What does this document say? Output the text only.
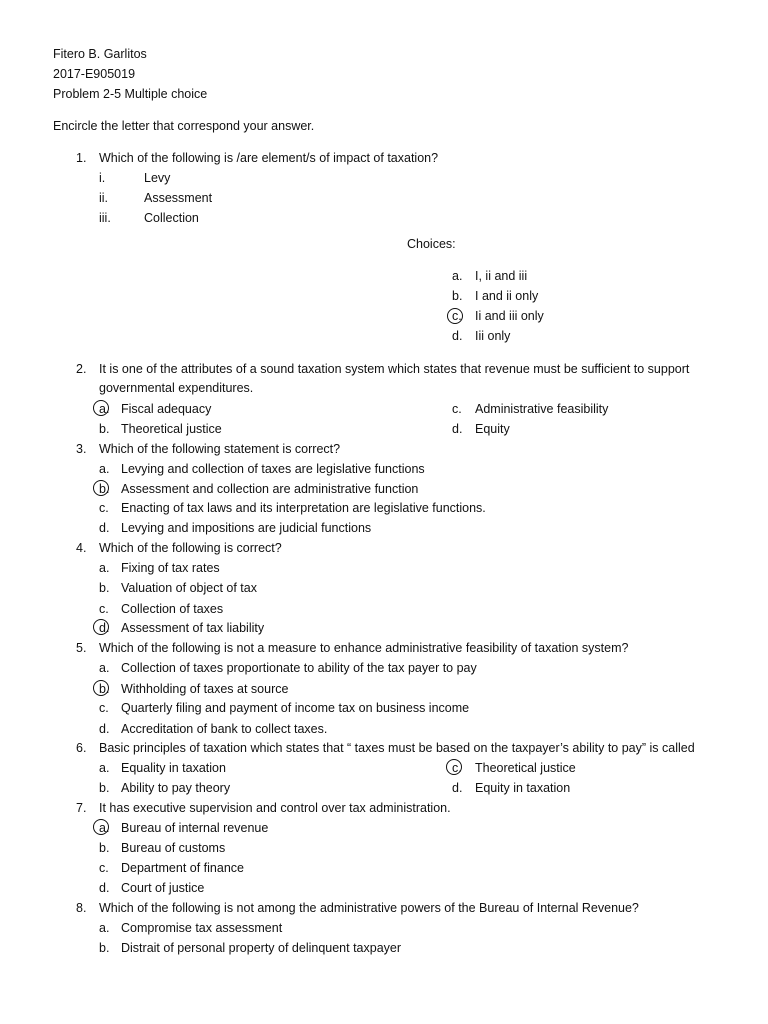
Fitero B. Garlitos
2017-E905019
Problem 2-5 Multiple choice
Encircle the letter that correspond your answer.
1. Which of the following is /are element/s of impact of taxation?
i.	Levy
ii.	Assessment
iii.	Collection
Choices:
a. I, ii and iii
b. I and ii only
c. Ii and iii only
d. Iii only
2. It is one of the attributes of a sound taxation system which states that revenue must be sufficient to support
governmental expenditures.
a. Fiscal adequacy	c. Administrative feasibility
b. Theoretical justice	d. Equity
3. Which of the following statement is correct?
a. Levying and collection of taxes are legislative functions
b. Assessment and collection are administrative function
c. Enacting of tax laws and its interpretation are legislative functions.
d. Levying and impositions are judicial functions
4. Which of the following is correct?
a. Fixing of tax rates
b. Valuation of object of tax
c. Collection of taxes
d. Assessment of tax liability
5. Which of the following is not a measure to enhance administrative feasibility of taxation system?
a. Collection of taxes proportionate to ability of the tax payer to pay
b. Withholding of taxes at source
c. Quarterly filing and payment of income tax on business income
d. Accreditation of bank to collect taxes.
6. Basic principles of taxation which states that “ taxes must be based on the taxpayer’s ability to pay” is called
a. Equality in taxation	c. Theoretical justice
b. Ability to pay theory	d. Equity in taxation
7. It has executive supervision and control over tax administration.
a. Bureau of internal revenue
b. Bureau of customs
c. Department of finance
d. Court of justice
8. Which of the following is not among the administrative powers of the Bureau of Internal Revenue?
a. Compromise tax assessment
b. Distrait of personal property of delinquent taxpayer
